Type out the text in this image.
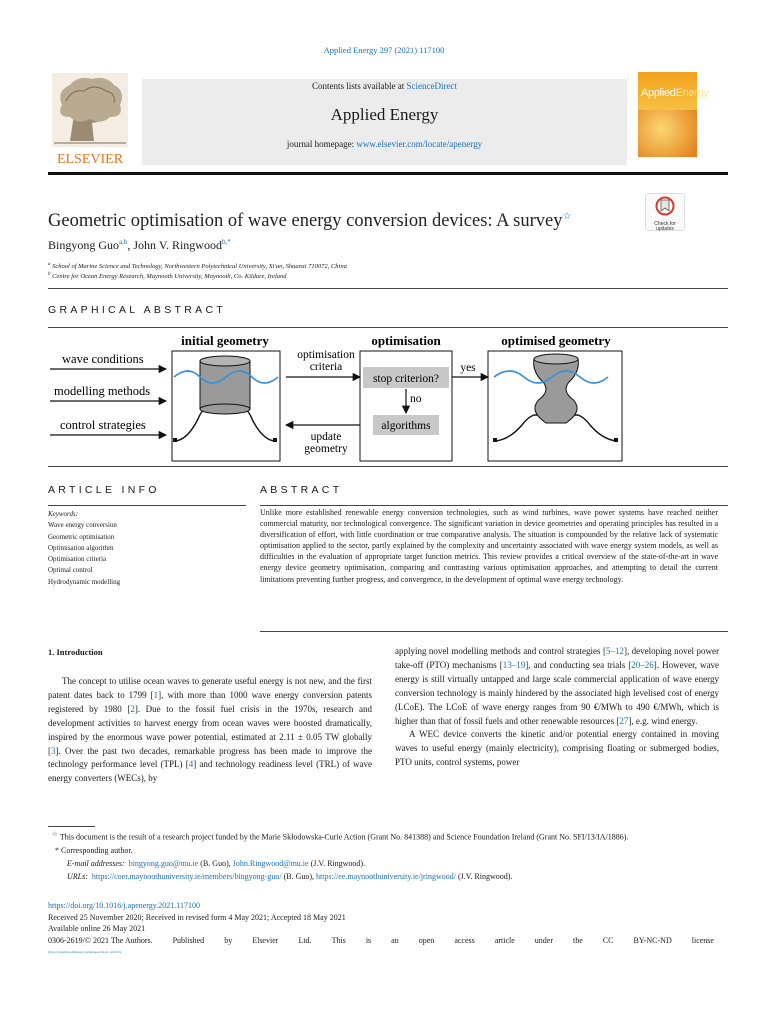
Applied Energy 297 (2021) 117100
ELSEVIER
Contents lists available at ScienceDirect
Applied Energy
journal homepage: www.elsevier.com/locate/apenergy
AppliedEnergy
Check for updates
Geometric optimisation of wave energy conversion devices: A survey☆
Bingyong Guo$^{a,b}$, John V. Ringwood$^{b,*}$
$^a$ School of Marine Science and Technology, Northwestern Polytechnical University, Xi'an, Shaanxi 710072, China
$^b$ Centre for Ocean Energy Research, Maynooth University, Maynooth, Co. Kildare, Ireland
GRAPHICAL ABSTRACT
wave conditions
modelling methods
control strategies
initial geometry
optimisation
criteria
optimisation
stop criterion?
no
algorithms
yes
update
geometry
optimised geometry
ARTICLE INFO	ABSTRACT
Keywords:
Wave energy conversion
Geometric optimisation
Optimisation algorithm
Optimisation criteria
Optimal control
Hydrodynamic modelling
Unlike more established renewable energy conversion technologies, such as wind turbines, wave power systems have reached neither commercial maturity, nor technological convergence. The significant variation in device geometries and operating principles has resulted in a diversification of effort, with little coordination or true comparative analysis. The situation is compounded by the relative lack of systematic optimisation applied to the sector, partly explained by the complexity and uncertainty associated with wave energy system models, as well as difficulties in the evaluation of appropriate target function metrics. This review provides a critical overview of the state-of-the-art in wave energy device geometry optimisation, comparing and contrasting various optimisation approaches, and attempting to detail the current limitations preventing further progress, and convergence, in the development of optimal wave energy technology.
1. Introduction

The concept to utilise ocean waves to generate useful energy is not new, and the first patent dates back to 1799 [1], with more than 1000 wave energy conversion patents registered by 1980 [2]. Due to the fossil fuel crisis in the 1970s, research and development activities to harvest energy from ocean waves were boosted dramatically, inspired by the enormous wave power potential, estimated at 2.11 ± 0.05 TW globally [3]. Over the past two decades, remarkable progress has been made to improve the technology performance level (TPL) [4] and technology readiness level (TRL) of wave energy converters (WECs), by

applying novel modelling methods and control strategies [5–12], developing novel power take-off (PTO) mechanisms [13–19], and conducting sea trials [20–26]. However, wave energy is still virtually untapped and large scale commercial application of wave energy conversion technology is mainly hindered by the associated high levelised cost of energy (LCoE). The LCoE of wave energy ranges from 90 €/MWh to 490 €/MWh, which is higher than that of fossil fuels and other renewable resources [27], e.g. wind energy.

A WEC device converts the kinetic and/or potential energy contained in moving waves to useful energy (mainly electricity), comprising floating or submerged bodies, PTO units, control systems, power

☆ This document is the result of a research project funded by the Marie Skłodowska-Curie Action (Grant No. 841388) and Science Foundation Ireland (Grant No. SFI/13/IA/1886).
* Corresponding author.
E-mail addresses: bingyong.guo@mu.ie (B. Guo), John.Ringwood@mu.ie (J.V. Ringwood).
URLs: https://coer.maynoothuniversity.ie/members/bingyong-guo/ (B. Guo), https://ee.maynoothuniversity.ie/jringwood/ (J.V. Ringwood).
https://doi.org/10.1016/j.apenergy.2021.117100
Received 25 November 2020; Received in revised form 4 May 2021; Accepted 18 May 2021
Available online 26 May 2021
0306-2619/© 2021 The Authors.	Published	by	Elsevier	Ltd.	This	is	an	open	access	article	under	the	CC	BY-NC-ND	license
(http://creativecommons.org/licenses/by-nc-nd/4.0/).
